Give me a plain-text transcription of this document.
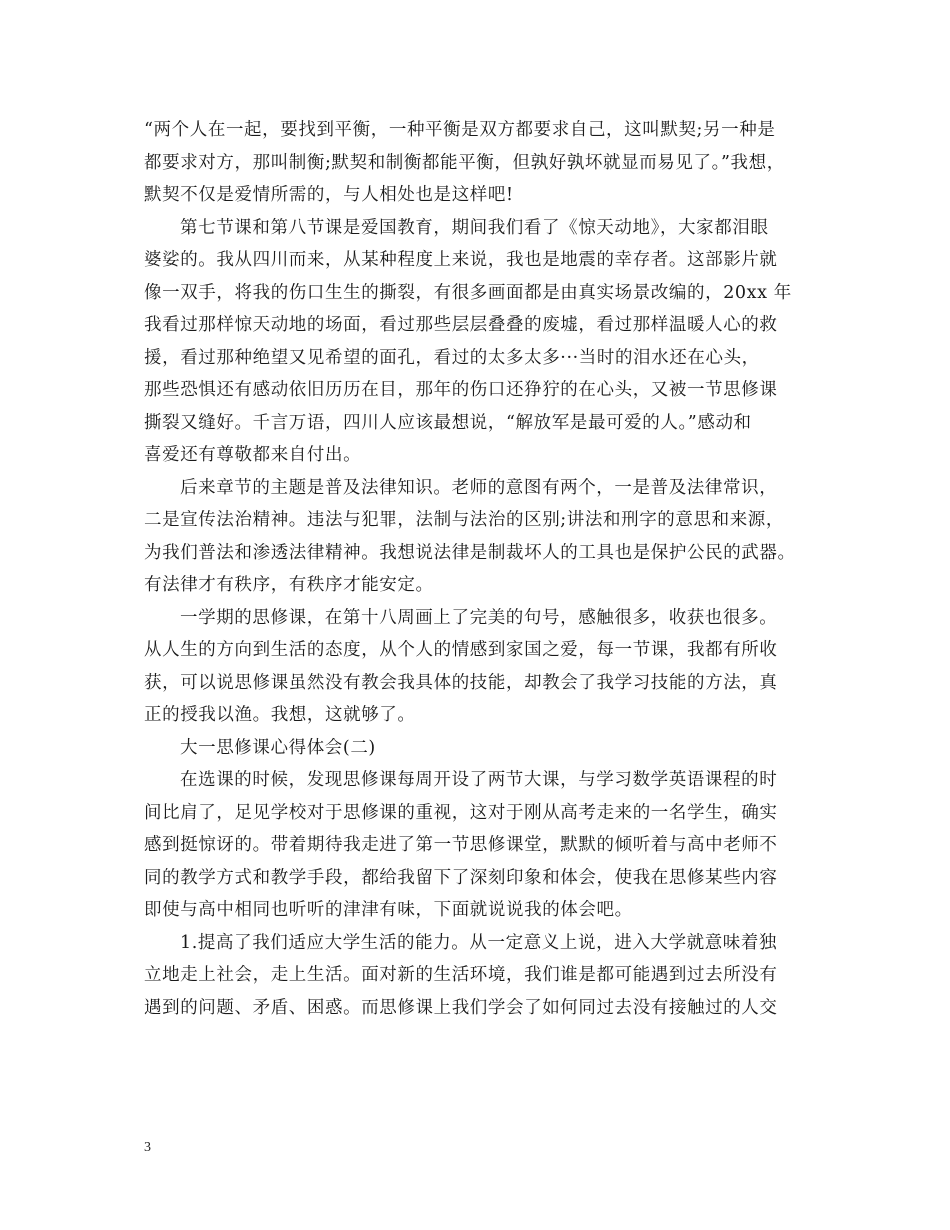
“两个人在一起，要找到平衡，一种平衡是双方都要求自己，这叫默契;另一种是
都要求对方，那叫制衡;默契和制衡都能平衡，但孰好孰坏就显而易见了。”我想，
默契不仅是爱情所需的，与人相处也是这样吧!

第七节课和第八节课是爱国教育，期间我们看了《惊天动地》，大家都泪眼
婆娑的。我从四川而来，从某种程度上来说，我也是地震的幸存者。这部影片就
像一双手，将我的伤口生生的撕裂，有很多画面都是由真实场景改编的，20xx 年
我看过那样惊天动地的场面，看过那些层层叠叠的废墟，看过那样温暖人心的救
援，看过那种绝望又见希望的面孔，看过的太多太多···当时的泪水还在心头，
那些恐惧还有感动依旧历历在目，那年的伤口还狰狞的在心头，又被一节思修课
撕裂又缝好。千言万语，四川人应该最想说，“解放军是最可爱的人。”感动和
喜爱还有尊敬都来自付出。

后来章节的主题是普及法律知识。老师的意图有两个，一是普及法律常识，
二是宣传法治精神。违法与犯罪，法制与法治的区别;讲法和刑字的意思和来源，
为我们普法和渗透法律精神。我想说法律是制裁坏人的工具也是保护公民的武器。
有法律才有秩序，有秩序才能安定。

一学期的思修课，在第十八周画上了完美的句号，感触很多，收获也很多。
从人生的方向到生活的态度，从个人的情感到家国之爱，每一节课，我都有所收
获，可以说思修课虽然没有教会我具体的技能，却教会了我学习技能的方法，真
正的授我以渔。我想，这就够了。

大一思修课心得体会(二)

在选课的时候，发现思修课每周开设了两节大课，与学习数学英语课程的时
间比肩了，足见学校对于思修课的重视，这对于刚从高考走来的一名学生，确实
感到挺惊讶的。带着期待我走进了第一节思修课堂，默默的倾听着与高中老师不
同的教学方式和教学手段，都给我留下了深刻印象和体会，使我在思修某些内容
即使与高中相同也听听的津津有味，下面就说说我的体会吧。

1.提高了我们适应大学生活的能力。从一定意义上说，进入大学就意味着独
立地走上社会，走上生活。面对新的生活环境，我们谁是都可能遇到过去所没有
遇到的问题、矛盾、困惑。而思修课上我们学会了如何同过去没有接触过的人交

3
